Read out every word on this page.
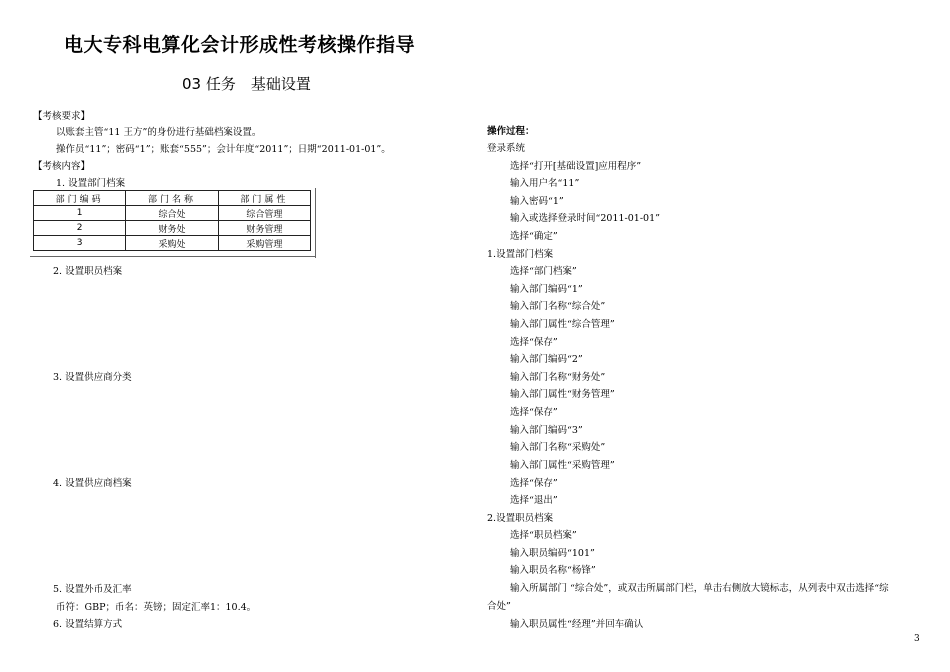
电大专科电算化会计形成性考核操作指导
03 任务　基础设置
【考核要求】
以账套主管“11 王方”的身份进行基础档案设置。
操作员“11”；密码“1”；账套“555”；会计年度“2011”；日期“2011-01-01”。
【考核内容】
1. 设置部门档案
部门编码	部门名称	部门属性
1	综合处	综合管理
2	财务处	财务管理
3	采购处	采购管理
2. 设置职员档案
3. 设置供应商分类
4. 设置供应商档案
5. 设置外币及汇率
币符：GBP；币名：英镑；固定汇率1：10.4。
6. 设置结算方式
操作过程：
登录系统
选择“打开[基础设置]应用程序”
输入用户名“11”
输入密码“1”
输入或选择登录时间“2011-01-01”
选择“确定”
1.设置部门档案
选择“部门档案”
输入部门编码“1”
输入部门名称“综合处”
输入部门属性“综合管理”
选择“保存”
输入部门编码“2”
输入部门名称“财务处”
输入部门属性“财务管理”
选择“保存”
输入部门编码“3”
输入部门名称“采购处”
输入部门属性“采购管理”
选择“保存”
选择“退出”
2.设置职员档案
选择“职员档案”
输入职员编码“101”
输入职员名称“杨锋”
输入所属部门 “综合处”，或双击所属部门栏，单击右侧放大镜标志，从列表中双击选择“综
合处”
输入职员属性“经理”并回车确认
3
